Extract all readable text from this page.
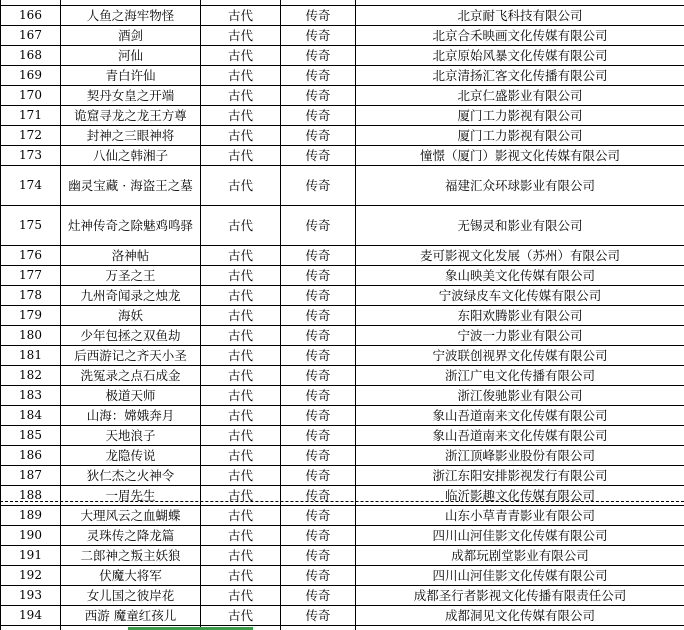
166	人鱼之海牢物怪	古代	传奇	北京耐飞科技有限公司
167	酒剑	古代	传奇	北京合禾映画文化传媒有限公司
168	河仙	古代	传奇	北京原始风暴文化传媒有限公司
169	青白许仙	古代	传奇	北京清扬汇客文化传播有限公司
170	契丹女皇之开端	古代	传奇	北京仁盛影业有限公司
171	诡窟寻龙之龙王方尊	古代	传奇	厦门工力影视有限公司
172	封神之三眼神将	古代	传奇	厦门工力影视有限公司
173	八仙之韩湘子	古代	传奇	憧憬（厦门）影视文化传媒有限公司
174	幽灵宝藏 · 海盗王之墓	古代	传奇	福建汇众环球影业有限公司
175	灶神传奇之除魅鸡鸣驿	古代	传奇	无锡灵和影业有限公司
176	洛神帖	古代	传奇	麦可影视文化发展（苏州）有限公司
177	万圣之王	古代	传奇	象山映美文化传媒有限公司
178	九州奇闻录之烛龙	古代	传奇	宁波绿皮车文化传媒有限公司
179	海妖	古代	传奇	东阳欢腾影业有限公司
180	少年包拯之双鱼劫	古代	传奇	宁波一力影业有限公司
181	后西游记之齐天小圣	古代	传奇	宁波联创视界文化传媒有限公司
182	洗冤录之点石成金	古代	传奇	浙江广电文化传播有限公司
183	极道天师	古代	传奇	浙江俊驰影业有限公司
184	山海：嫦娥奔月	古代	传奇	象山吾道南来文化传媒有限公司
185	天地浪子	古代	传奇	象山吾道南来文化传媒有限公司
186	龙隐传说	古代	传奇	浙江顶峰影业股份有限公司
187	狄仁杰之火神令	古代	传奇	浙江东阳安排影视发行有限公司
188	一眉先生	古代	传奇	临沂影趣文化传媒有限公司
189	大理风云之血蝴蝶	古代	传奇	山东小草青青影业有限公司
190	灵珠传之降龙篇	古代	传奇	四川山河佳影文化传媒有限公司
191	二郎神之叛主妖狼	古代	传奇	成都玩剧堂影业有限公司
192	伏魔大将军	古代	传奇	四川山河佳影文化传媒有限公司
193	女儿国之彼岸花	古代	传奇	成都圣行者影视文化传播有限责任公司
194	西游 魔童红孩儿	古代	传奇	成都洞见文化传媒有限公司
